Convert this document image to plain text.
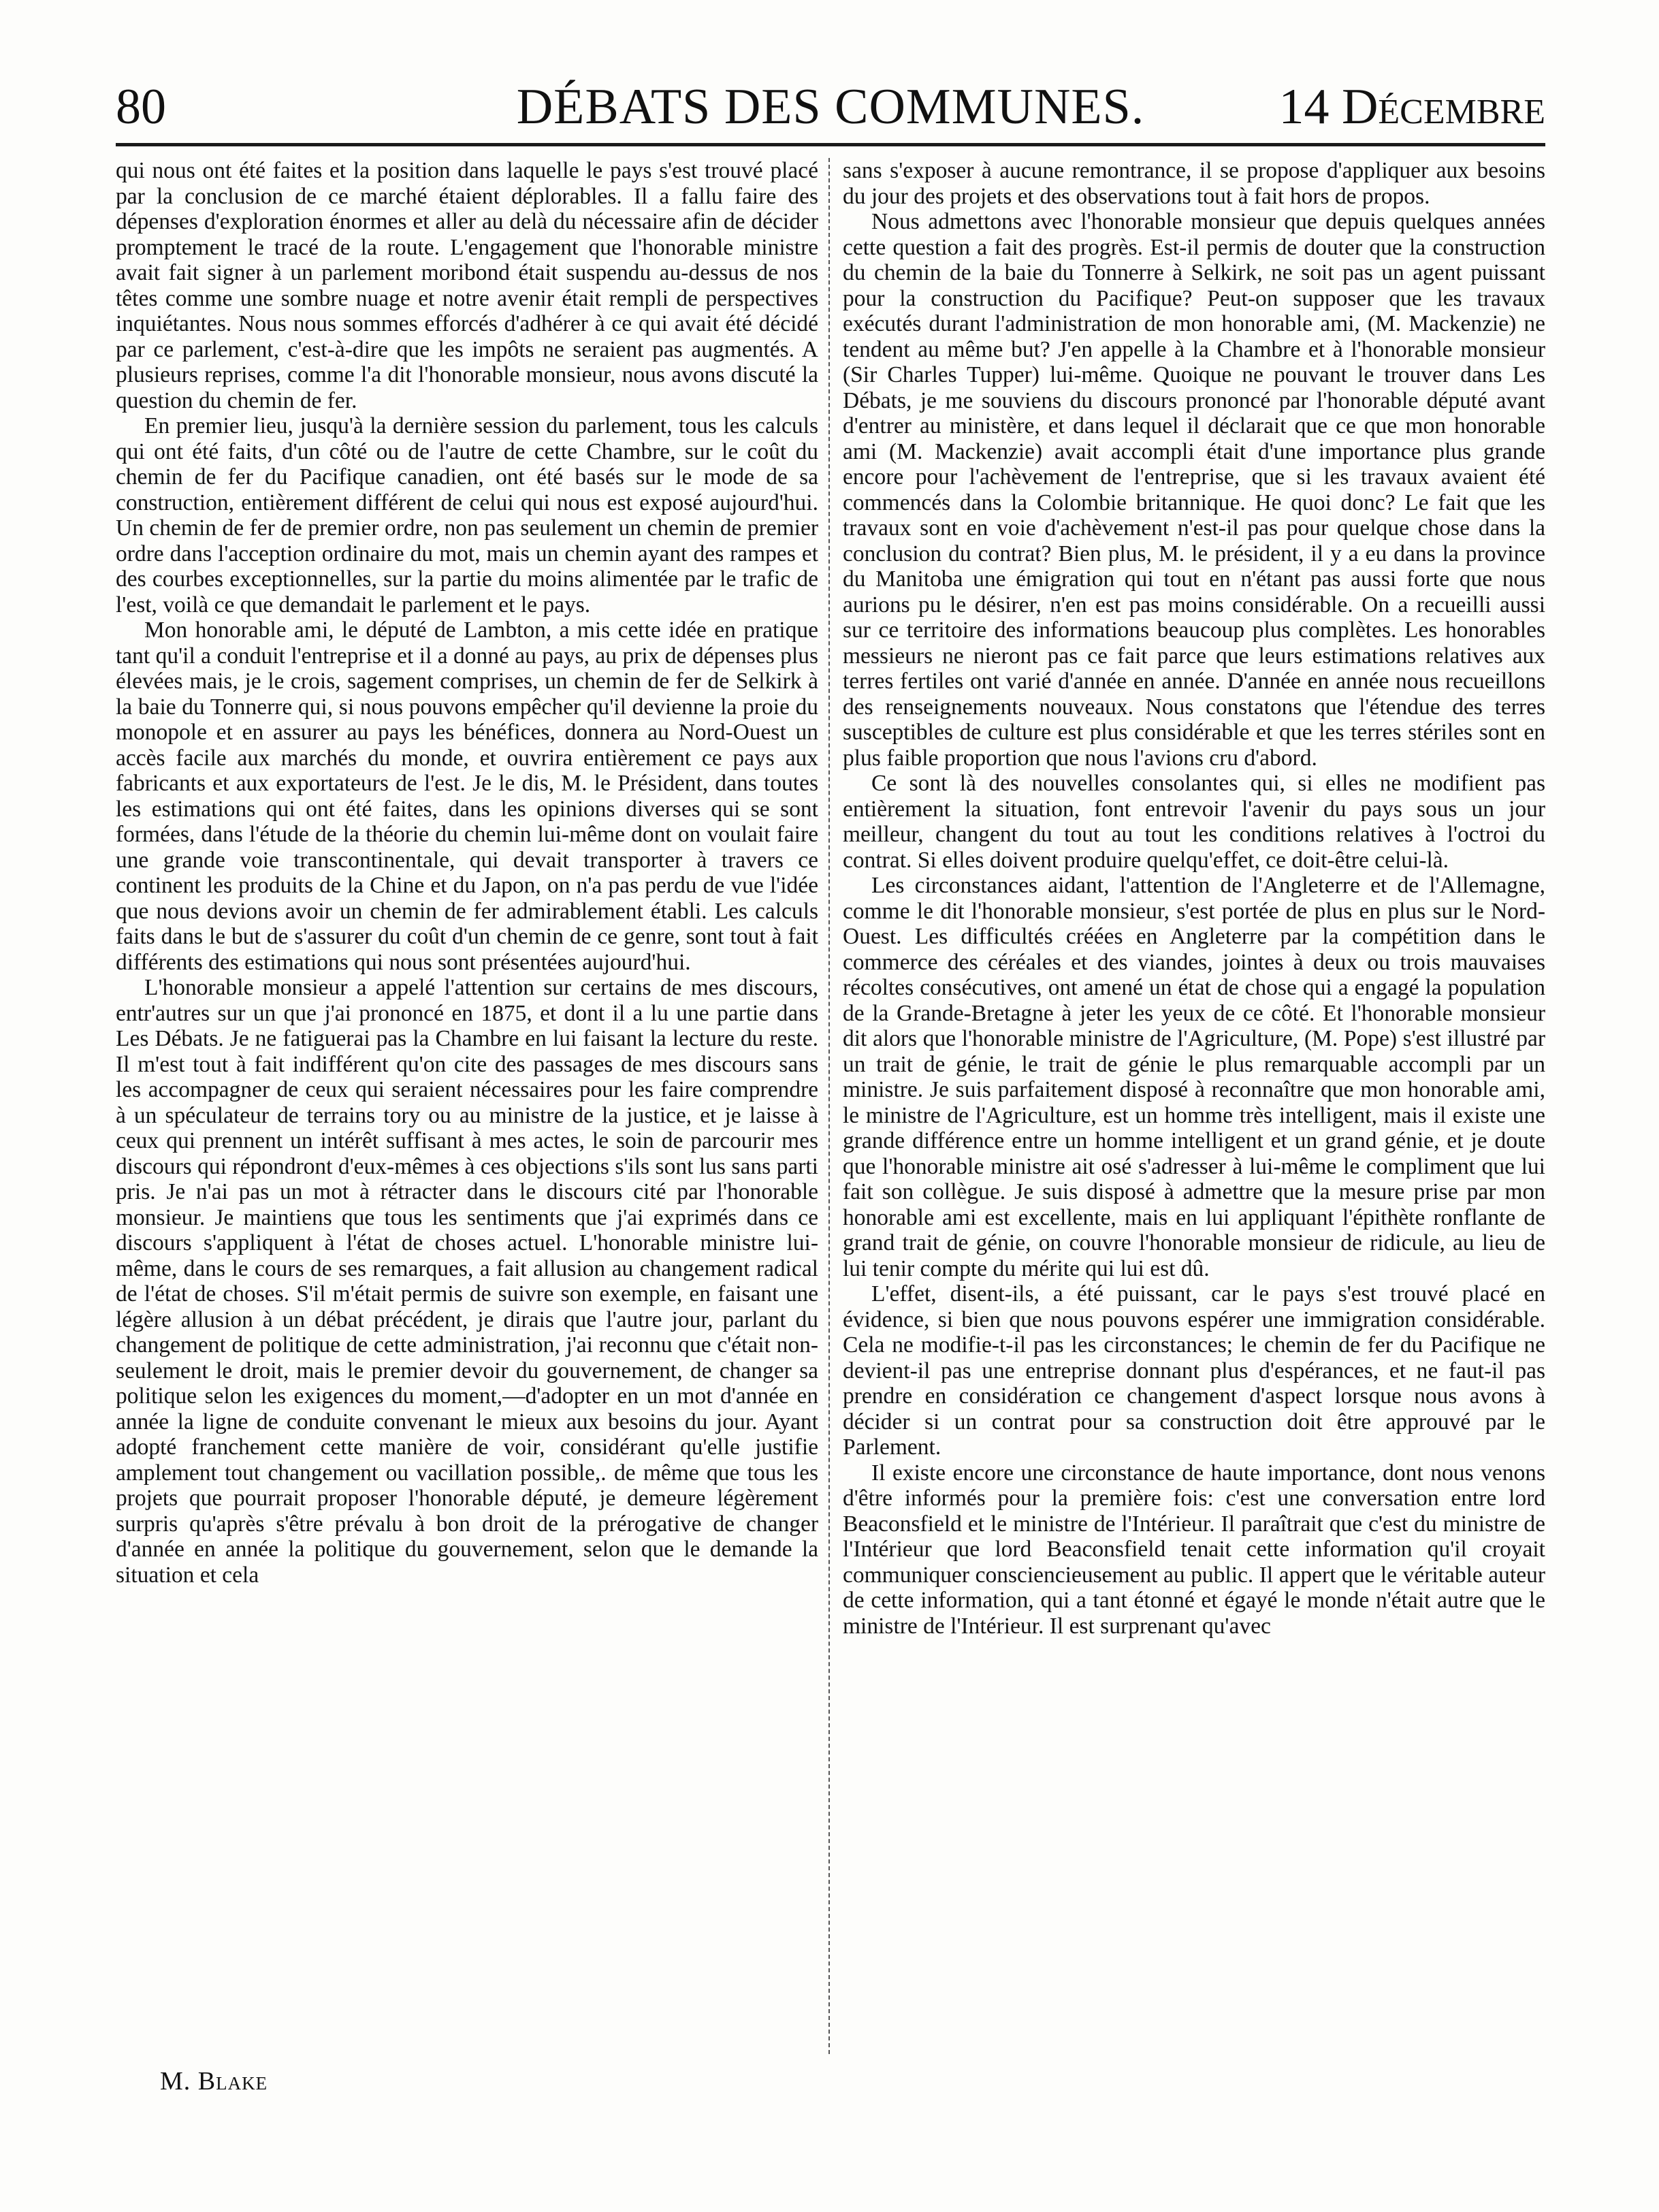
80	DÉBATS DES COMMUNES.	14 Décembre

qui nous ont été faites et la position dans laquelle le pays s'est trouvé placé par la conclusion de ce marché étaient déplorables. Il a fallu faire des dépenses d'exploration énormes et aller au delà du nécessaire afin de décider promptement le tracé de la route. L'engagement que l'honorable ministre avait fait signer à un parlement moribond était suspendu au-dessus de nos têtes comme une sombre nuage et notre avenir était rempli de perspectives inquiétantes. Nous nous sommes efforcés d'adhérer à ce qui avait été décidé par ce parlement, c'est-à-dire que les impôts ne seraient pas augmentés. A plusieurs reprises, comme l'a dit l'honorable monsieur, nous avons discuté la question du chemin de fer.

En premier lieu, jusqu'à la dernière session du parlement, tous les calculs qui ont été faits, d'un côté ou de l'autre de cette Chambre, sur le coût du chemin de fer du Pacifique canadien, ont été basés sur le mode de sa construction, entièrement différent de celui qui nous est exposé aujourd'hui. Un chemin de fer de premier ordre, non pas seulement un chemin de premier ordre dans l'acception ordinaire du mot, mais un chemin ayant des rampes et des courbes exceptionnelles, sur la partie du moins alimentée par le trafic de l'est, voilà ce que demandait le parlement et le pays.

Mon honorable ami, le député de Lambton, a mis cette idée en pratique tant qu'il a conduit l'entreprise et il a donné au pays, au prix de dépenses plus élevées mais, je le crois, sagement comprises, un chemin de fer de Selkirk à la baie du Tonnerre qui, si nous pouvons empêcher qu'il devienne la proie du monopole et en assurer au pays les bénéfices, donnera au Nord-Ouest un accès facile aux marchés du monde, et ouvrira entièrement ce pays aux fabricants et aux exportateurs de l'est. Je le dis, M. le Président, dans toutes les estimations qui ont été faites, dans les opinions diverses qui se sont formées, dans l'étude de la théorie du chemin lui-même dont on voulait faire une grande voie transcontinentale, qui devait transporter à travers ce continent les produits de la Chine et du Japon, on n'a pas perdu de vue l'idée que nous devions avoir un chemin de fer admirablement établi. Les calculs faits dans le but de s'assurer du coût d'un chemin de ce genre, sont tout à fait différents des estimations qui nous sont présentées aujourd'hui.

L'honorable monsieur a appelé l'attention sur certains de mes discours, entr'autres sur un que j'ai prononcé en 1875, et dont il a lu une partie dans Les Débats. Je ne fatiguerai pas la Chambre en lui faisant la lecture du reste. Il m'est tout à fait indifférent qu'on cite des passages de mes discours sans les accompagner de ceux qui seraient nécessaires pour les faire comprendre à un spéculateur de terrains tory ou au ministre de la justice, et je laisse à ceux qui prennent un intérêt suffisant à mes actes, le soin de parcourir mes discours qui répondront d'eux-mêmes à ces objections s'ils sont lus sans parti pris. Je n'ai pas un mot à rétracter dans le discours cité par l'honorable monsieur. Je maintiens que tous les sentiments que j'ai exprimés dans ce discours s'appliquent à l'état de choses actuel. L'honorable ministre lui-même, dans le cours de ses remarques, a fait allusion au changement radical de l'état de choses. S'il m'était permis de suivre son exemple, en faisant une légère allusion à un débat précédent, je dirais que l'autre jour, parlant du changement de politique de cette administration, j'ai reconnu que c'était non-seulement le droit, mais le premier devoir du gouvernement, de changer sa politique selon les exigences du moment,—d'adopter en un mot d'année en année la ligne de conduite convenant le mieux aux besoins du jour. Ayant adopté franchement cette manière de voir, considérant qu'elle justifie amplement tout changement ou vacillation possible,. de même que tous les projets que pourrait proposer l'honorable député, je demeure légèrement surpris qu'après s'être prévalu à bon droit de la prérogative de changer d'année en année la politique du gouvernement, selon que le demande la situation et cela

sans s'exposer à aucune remontrance, il se propose d'appliquer aux besoins du jour des projets et des observations tout à fait hors de propos.

Nous admettons avec l'honorable monsieur que depuis quelques années cette question a fait des progrès. Est-il permis de douter que la construction du chemin de la baie du Tonnerre à Selkirk, ne soit pas un agent puissant pour la construction du Pacifique? Peut-on supposer que les travaux exécutés durant l'administration de mon honorable ami, (M. Mackenzie) ne tendent au même but? J'en appelle à la Chambre et à l'honorable monsieur (Sir Charles Tupper) lui-même. Quoique ne pouvant le trouver dans Les Débats, je me souviens du discours prononcé par l'honorable député avant d'entrer au ministère, et dans lequel il déclarait que ce que mon honorable ami (M. Mackenzie) avait accompli était d'une importance plus grande encore pour l'achèvement de l'entreprise, que si les travaux avaient été commencés dans la Colombie britannique. He quoi donc? Le fait que les travaux sont en voie d'achèvement n'est-il pas pour quelque chose dans la conclusion du contrat? Bien plus, M. le président, il y a eu dans la province du Manitoba une émigration qui tout en n'étant pas aussi forte que nous aurions pu le désirer, n'en est pas moins considérable. On a recueilli aussi sur ce territoire des informations beaucoup plus complètes. Les honorables messieurs ne nieront pas ce fait parce que leurs estimations relatives aux terres fertiles ont varié d'année en année. D'année en année nous recueillons des renseignements nouveaux. Nous constatons que l'étendue des terres susceptibles de culture est plus considérable et que les terres stériles sont en plus faible proportion que nous l'avions cru d'abord.

Ce sont là des nouvelles consolantes qui, si elles ne modifient pas entièrement la situation, font entrevoir l'avenir du pays sous un jour meilleur, changent du tout au tout les conditions relatives à l'octroi du contrat. Si elles doivent produire quelqu'effet, ce doit-être celui-là.

Les circonstances aidant, l'attention de l'Angleterre et de l'Allemagne, comme le dit l'honorable monsieur, s'est portée de plus en plus sur le Nord-Ouest. Les difficultés créées en Angleterre par la compétition dans le commerce des céréales et des viandes, jointes à deux ou trois mauvaises récoltes consécutives, ont amené un état de chose qui a engagé la population de la Grande-Bretagne à jeter les yeux de ce côté. Et l'honorable monsieur dit alors que l'honorable ministre de l'Agriculture, (M. Pope) s'est illustré par un trait de génie, le trait de génie le plus remarquable accompli par un ministre. Je suis parfaitement disposé à reconnaître que mon honorable ami, le ministre de l'Agriculture, est un homme très intelligent, mais il existe une grande différence entre un homme intelligent et un grand génie, et je doute que l'honorable ministre ait osé s'adresser à lui-même le compliment que lui fait son collègue. Je suis disposé à admettre que la mesure prise par mon honorable ami est excellente, mais en lui appliquant l'épithète ronflante de grand trait de génie, on couvre l'honorable monsieur de ridicule, au lieu de lui tenir compte du mérite qui lui est dû.

L'effet, disent-ils, a été puissant, car le pays s'est trouvé placé en évidence, si bien que nous pouvons espérer une immigration considérable. Cela ne modifie-t-il pas les circonstances; le chemin de fer du Pacifique ne devient-il pas une entreprise donnant plus d'espérances, et ne faut-il pas prendre en considération ce changement d'aspect lorsque nous avons à décider si un contrat pour sa construction doit être approuvé par le Parlement.

Il existe encore une circonstance de haute importance, dont nous venons d'être informés pour la première fois: c'est une conversation entre lord Beaconsfield et le ministre de l'Intérieur. Il paraîtrait que c'est du ministre de l'Intérieur que lord Beaconsfield tenait cette information qu'il croyait communiquer consciencieusement au public. Il appert que le véritable auteur de cette information, qui a tant étonné et égayé le monde n'était autre que le ministre de l'Intérieur. Il est surprenant qu'avec

M. Blake
